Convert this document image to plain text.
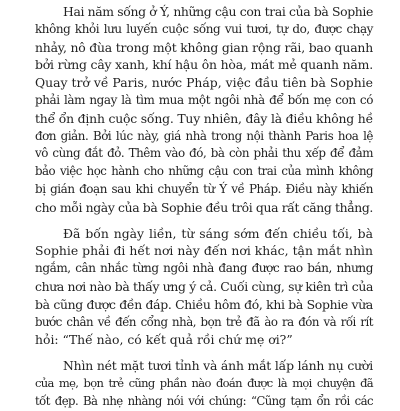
Hai năm sống ở Ý, những cậu con trai của bà Sophie
không khỏi lưu luyến cuộc sống vui tươi, tự do, được chạy
nhảy, nô đùa trong một không gian rộng rãi, bao quanh
bởi rừng cây xanh, khí hậu ôn hòa, mát mẻ quanh năm.
Quay trở về Paris, nước Pháp, việc đầu tiên bà Sophie
phải làm ngay là tìm mua một ngôi nhà để bốn mẹ con có
thể ổn định cuộc sống. Tuy nhiên, đây là điều không hề
đơn giản. Bởi lúc này, giá nhà trong nội thành Paris hoa lệ
vô cùng đắt đỏ. Thêm vào đó, bà còn phải thu xếp để đảm
bảo việc học hành cho những cậu con trai của mình không
bị gián đoạn sau khi chuyển từ Ý về Pháp. Điều này khiến
cho mỗi ngày của bà Sophie đều trôi qua rất căng thẳng.
Đã bốn ngày liền, từ sáng sớm đến chiều tối, bà
Sophie phải đi hết nơi này đến nơi khác, tận mắt nhìn
ngắm, cân nhắc từng ngôi nhà đang được rao bán, nhưng
chưa nơi nào bà thấy ưng ý cả. Cuối cùng, sự kiên trì của
bà cũng được đền đáp. Chiều hôm đó, khi bà Sophie vừa
bước chân về đến cổng nhà, bọn trẻ đã ào ra đón và rối rít
hỏi: “Thế nào, có kết quả rồi chứ mẹ ơi?”
Nhìn nét mặt tươi tỉnh và ánh mắt lấp lánh nụ cười
của mẹ, bọn trẻ cũng phần nào đoán được là mọi chuyện đã
tốt đẹp. Bà nhẹ nhàng nói với chúng: “Cũng tạm ổn rồi các
